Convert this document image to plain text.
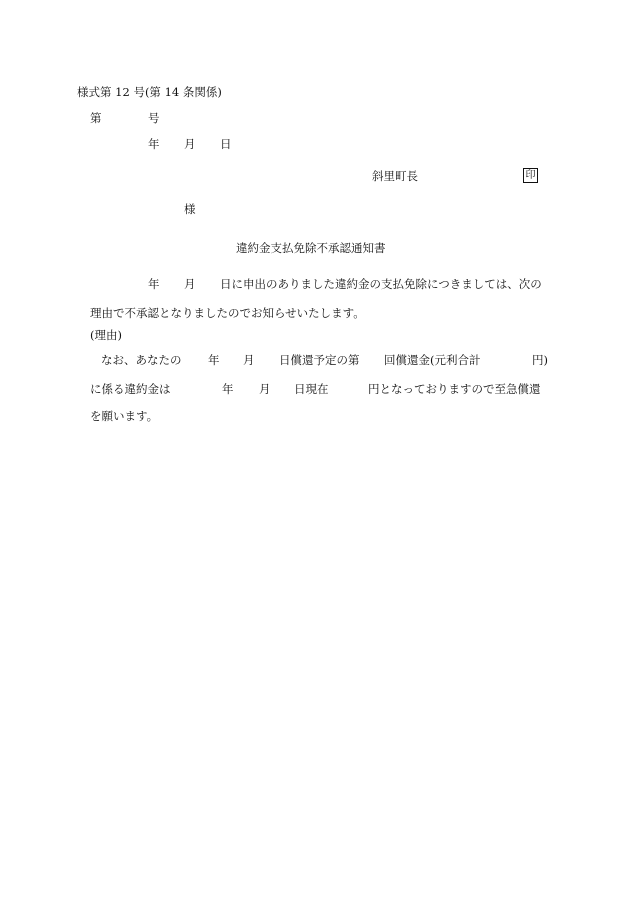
様式第 12 号(第 14 条関係)
第	号
年 月 日
斜里町長	印
様
違約金支払免除不承認通知書
年 月 日に申出のありました違約金の支払免除につきましては、次の
理由で不承認となりましたのでお知らせいたします。
(理由)
なお、あなたの 年 月 日償還予定の第 回償還金(元利合計	円)
に係る違約金は	年 月 日現在	円となっておりますので至急償還
を願います。
